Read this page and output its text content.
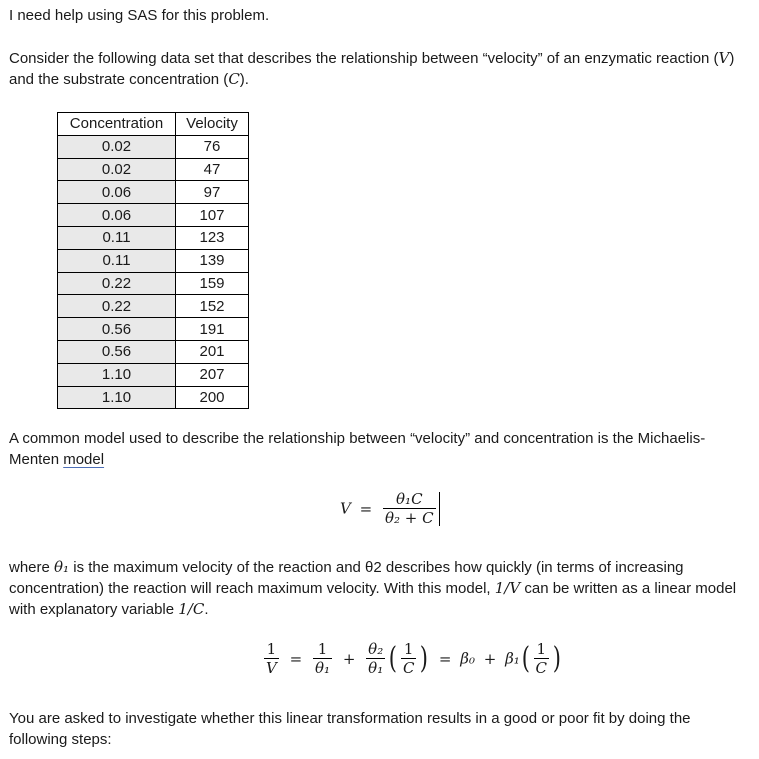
I need help using SAS for this problem.

Consider the following data set that describes the relationship between “velocity” of an enzymatic reaction (V) and the substrate concentration (C).

Concentration	Velocity
0.02	76
0.02	47
0.06	97
0.06	107
0.11	123
0.11	139
0.22	159
0.22	152
0.56	191
0.56	201
1.10	207
1.10	200

A common model used to describe the relationship between “velocity” and concentration is the Michaelis-Menten model

$V = \frac{\text{θ₁C}}{\text{θ₂ + C}}$

where θ₁ is the maximum velocity of the reaction and θ2 describes how quickly (in terms of increasing concentration) the reaction will reach maximum velocity. With this model, 1/V can be written as a linear model with explanatory variable 1/C.

$\frac{1}{V} = \frac{1}{\text{θ₁}} + \frac{\text{θ₂}}{\text{θ₁}}$ ( $\frac{1}{C}$ ) = $\beta_0 + \beta_1( \frac{1}{C}$ )

You are asked to investigate whether this linear transformation results in a good or poor fit by doing the following steps:
